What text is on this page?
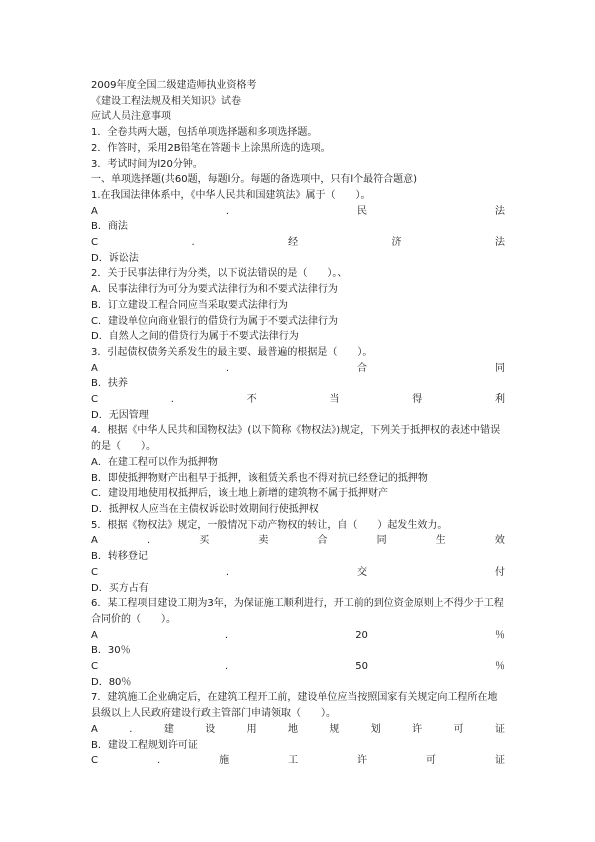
2009年度全国二级建造师执业资格考
《建设工程法规及相关知识》试卷
应试人员注意事项
1．全卷共两大题，包括单项选择题和多项选择题。
2．作答时，采用2B铅笔在答题卡上涂黑所选的选项。
3．考试时间为l20分钟。
一、单项选择题(共60题，每题l分。每题的备选项中，只有l个最符合题意)
1.在我国法律体系中，《中华人民共和国建筑法》属于（　　）。
A	.	民	法
B．商法
C	.	经	济	法
D．诉讼法
2．关于民事法律行为分类，以下说法错误的是（　　）。、
A．民事法律行为可分为要式法律行为和不要式法律行为
B．订立建设工程合同应当采取要式法律行为
C．建设单位向商业银行的借贷行为属于不要式法律行为
D．自然人之间的借贷行为属于不要式法律行为
3．引起债权债务关系发生的最主要、最普遍的根据是（　　）。
A	.	合	同
B．扶养
C	.	不	当	得	利
D．无因管理
4．根据《中华人民共和国物权法》(以下简称《物权法》)规定，下列关于抵押权的表述中错误的是（　　）。
A．在建工程可以作为抵押物
B．即使抵押物财产出租早于抵押，该租赁关系也不得对抗已经登记的抵押物
C．建设用地使用权抵押后，该土地上新增的建筑物不属于抵押财产
D．抵押权人应当在主债权诉讼时效期间行使抵押权
5．根据《物权法》规定，一般情况下动产物权的转让，自（　　）起发生效力。
A	.	买	卖	合	同	生	效
B．转移登记
C	.	交	付
D．买方占有
6．某工程项目建设工期为3年，为保证施工顺利进行，开工前的到位资金原则上不得少于工程合同价的（　　）。
A	.	20	％
B．30％
C	.	50	％
D．80％
7．建筑施工企业确定后，在建筑工程开工前，建设单位应当按照国家有关规定向工程所在地县级以上人民政府建设行政主管部门申请领取（　　）。
A	.	建	设	用	地	规	划	许	可	证
B．建设工程规划许可证
C	.	施	工	许	可	证
